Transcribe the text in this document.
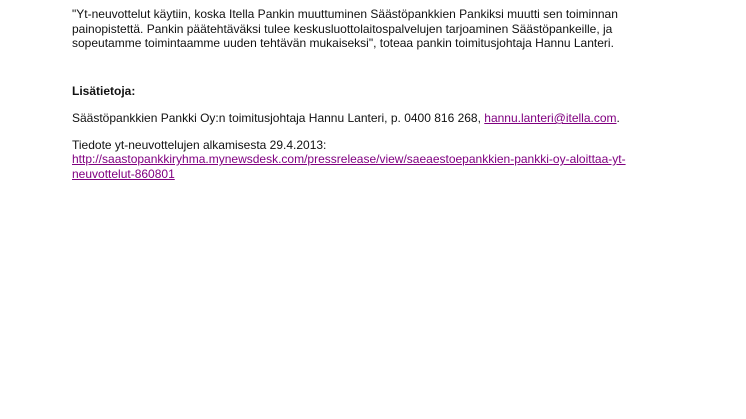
"Yt-neuvottelut käytiin, koska Itella Pankin muuttuminen Säästöpankkien Pankiksi muutti sen toiminnan

painopistettä. Pankin päätehtäväksi tulee keskusluottolaitospalvelujen tarjoaminen Säästöpankeille, ja

sopeutamme toimintaamme uuden tehtävän mukaiseksi", toteaa pankin toimitusjohtaja Hannu Lanteri.

Lisätietoja:

Säästöpankkien Pankki Oy:n toimitusjohtaja Hannu Lanteri, p. 0400 816 268, hannu.lanteri@itella.com.

Tiedote yt-neuvottelujen alkamisesta 29.4.2013:

http://saastopankkiryhma.mynewsdesk.com/pressrelease/view/saeaestoepankkien-pankki-oy-aloittaa-yt-

neuvottelut-860801
